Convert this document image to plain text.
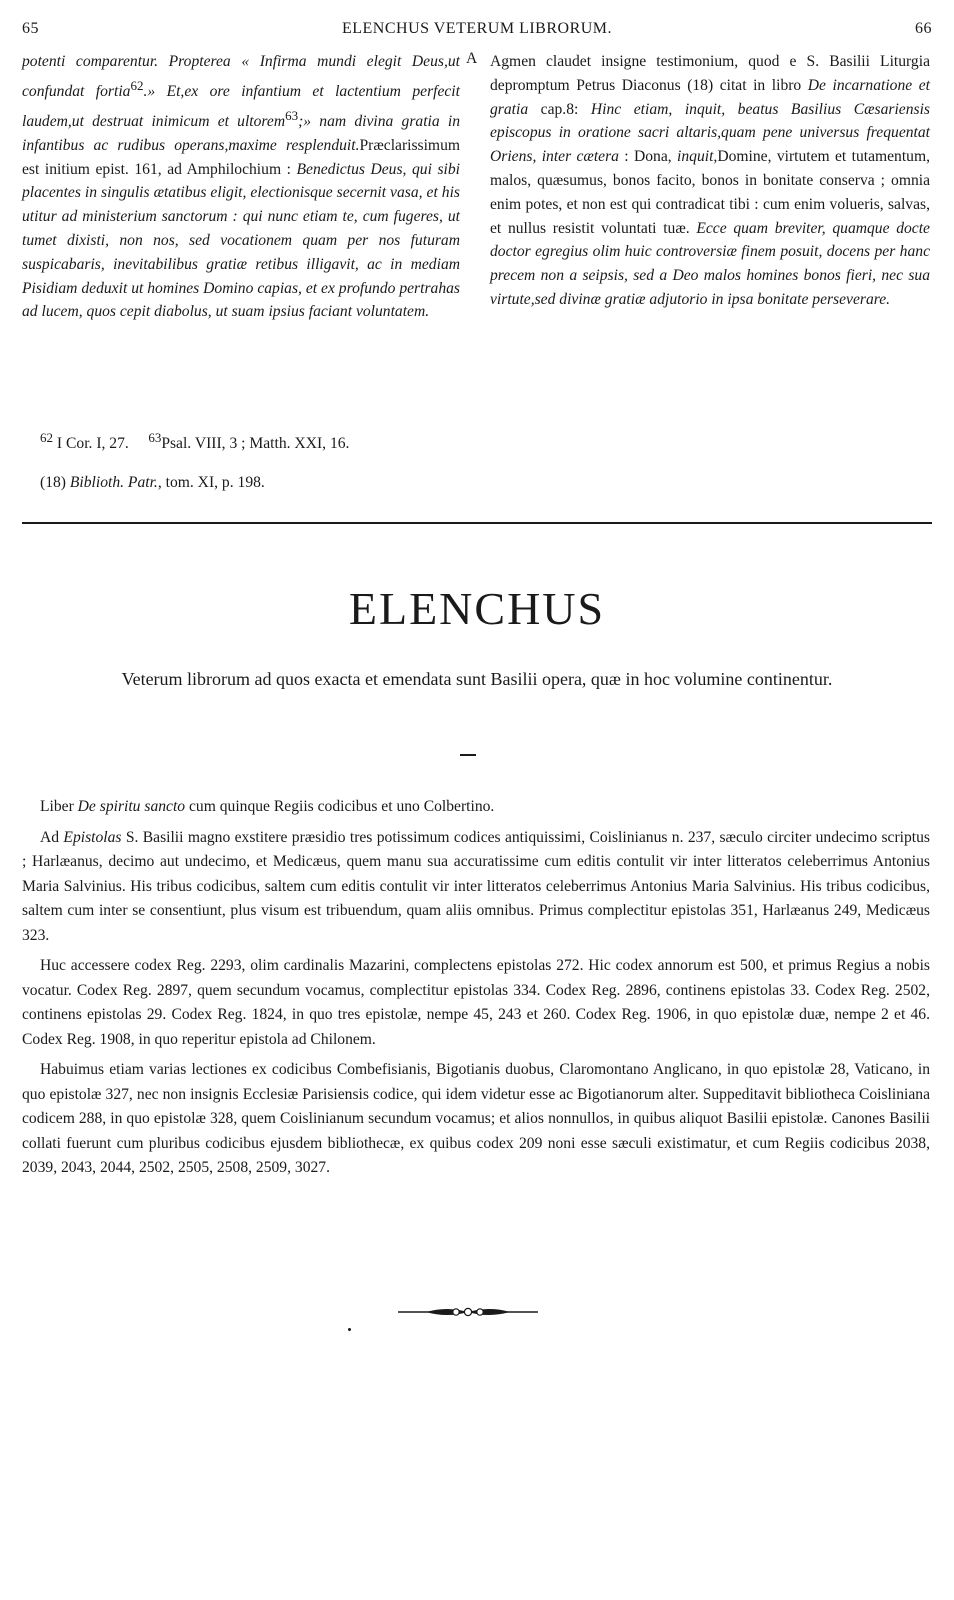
65	ELENCHUS VETERUM LIBRORUM.	66

potenti comparentur. Propterea « Infirma mundi elegit Deus,ut confundat fortia$^{62}$.» Et,ex ore infantium et lactentium perfecit laudem,ut destruat inimicum et ultorem$^{63}$;» nam divina gratia in infantibus ac rudibus operans,maxime resplenduit.Præclarissimum est initium epist. 161, ad Amphilochium : Benedictus Deus, qui sibi placentes in singulis ætatibus eligit, electionisque secernit vasa, et his utitur ad ministerium sanctorum : qui nunc etiam te, cum fugeres, ut tumet dixisti, non nos, sed vocationem quam per nos futuram suspicabaris, inevitabilibus gratiæ retibus illigavit, ac in mediam Pisidiam deduxit ut homines Domino capias, et ex profundo pertrahas ad lucem, quos cepit diabolus, ut suam ipsius faciant voluntatem.

A Agmen claudet insigne testimonium, quod e S. Basilii Liturgia depromptum Petrus Diaconus (18) citat in libro De incarnatione et gratia cap.8: Hinc etiam, inquit, beatus Basilius Cæsariensis episcopus in oratione sacri altaris,quam pene universus frequentat Oriens, inter cætera : Dona, inquit,Domine, virtutem et tutamentum, malos, quæsumus, bonos facito, bonos in bonitate conserva ; omnia enim potes, et non est qui contradicat tibi : cum enim volueris, salvas, et nullus resistit voluntati tuæ. Ecce quam breviter, quamque docte doctor egregius olim huic controversiæ finem posuit, docens per hanc precem non a seipsis, sed a Deo malos homines bonos fieri, nec sua virtute,sed divinæ gratiæ adjutorio in ipsa bonitate perseverare.

$^{62}$ I Cor. I, 27. $^{63}$Psal. VIII, 3 ; Matth. XXI, 16.
(18) Biblioth. Patr., tom. XI, p. 198.
ELENCHUS
Veterum librorum ad quos exacta et emendata sunt Basilii opera, quæ in hoc volumine continentur.

Liber De spiritu sancto cum quinque Regiis codicibus et uno Colbertino.

Ad Epistolas S. Basilii magno exstitere præsidio tres potissimum codices antiquissimi, Coislinianus n. 237, sæculo circiter undecimo scriptus ; Harlæanus, decimo aut undecimo, et Medicæus, quem manu sua accuratissime cum editis contulit vir inter litteratos celeberrimus Antonius Maria Salvinius. His tribus codicibus, saltem cum editis contulit vir inter litteratos celeberrimus Antonius Maria Salvinius. His tribus codicibus, saltem cum inter se consentiunt, plus visum est tribuendum, quam aliis omnibus. Primus complectitur epistolas 351, Harlæanus 249, Medicæus 323.

Huc accessere codex Reg. 2293, olim cardinalis Mazarini, complectens epistolas 272. Hic codex annorum est 500, et primus Regius a nobis vocatur. Codex Reg. 2897, quem secundum vocamus, complectitur epistolas 334. Codex Reg. 2896, continens epistolas 33. Codex Reg. 2502, continens epistolas 29. Codex Reg. 1824, in quo tres epistolæ, nempe 45, 243 et 260. Codex Reg. 1906, in quo epistolæ duæ, nempe 2 et 46. Codex Reg. 1908, in quo reperitur epistola ad Chilonem.

Habuimus etiam varias lectiones ex codicibus Combefisianis, Bigotianis duobus, Claromontano Anglicano, in quo epistolæ 28, Vaticano, in quo epistolæ 327, nec non insignis Ecclesiæ Parisiensis codice, qui idem videtur esse ac Bigotianorum alter. Suppeditavit bibliotheca Coisliniana codicem 288, in quo epistolæ 328, quem Coislinianum secundum vocamus; et alios nonnullos, in quibus aliquot Basilii epistolæ. Canones Basilii collati fuerunt cum pluribus codicibus ejusdem bibliothecæ, ex quibus codex 209 noni esse sæculi existimatur, et cum Regiis codicibus 2038, 2039, 2043, 2044, 2502, 2505, 2508, 2509, 3027.
